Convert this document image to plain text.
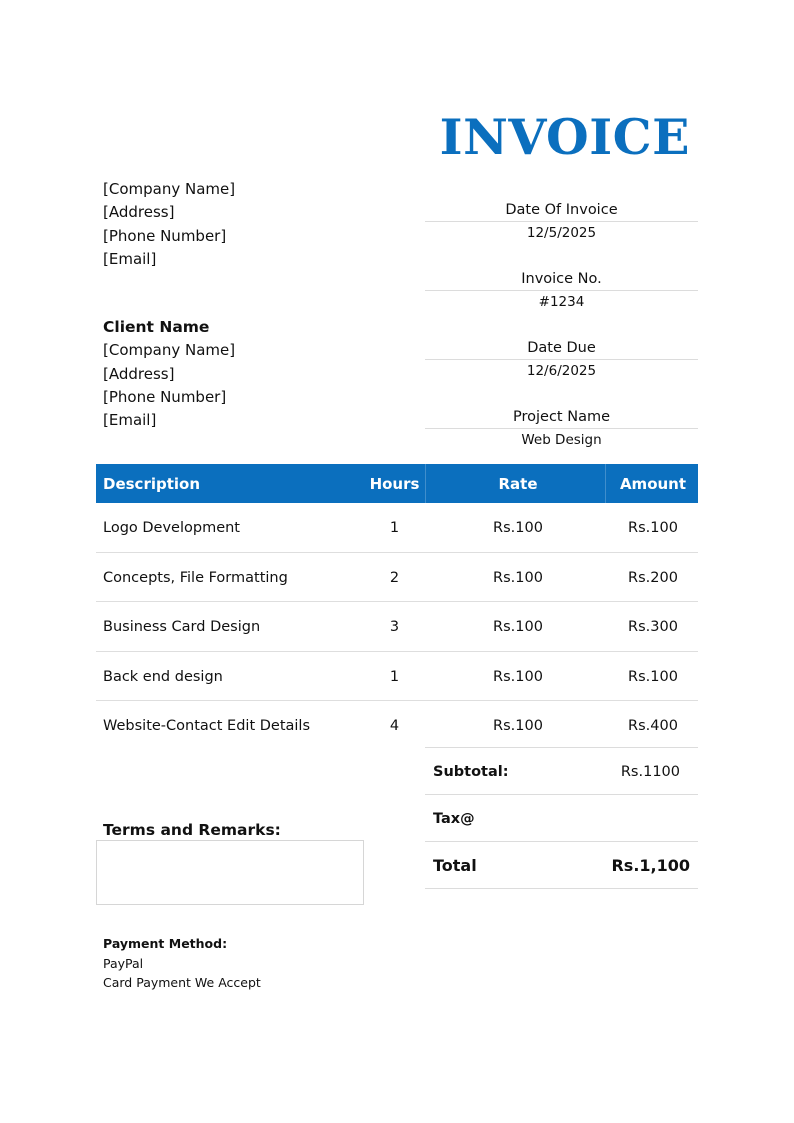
INVOICE
[Company Name]
[Address]
[Phone Number]
[Email]
Client Name
[Company Name]
[Address]
[Phone Number]
[Email]
Date Of Invoice
12/5/2025
Invoice No.
#1234
Date Due
12/6/2025
Project Name
Web Design
Description	Hours	Rate	Amount
Logo Development	1	Rs.100	Rs.100
Concepts, File Formatting	2	Rs.100	Rs.200
Business Card Design	3	Rs.100	Rs.300
Back end design	1	Rs.100	Rs.100
Website-Contact Edit Details	4	Rs.100	Rs.400
Subtotal:	Rs.1100
Tax@
Total	Rs.1,100
Terms and Remarks:
Payment Method:
PayPal
Card Payment We Accept
